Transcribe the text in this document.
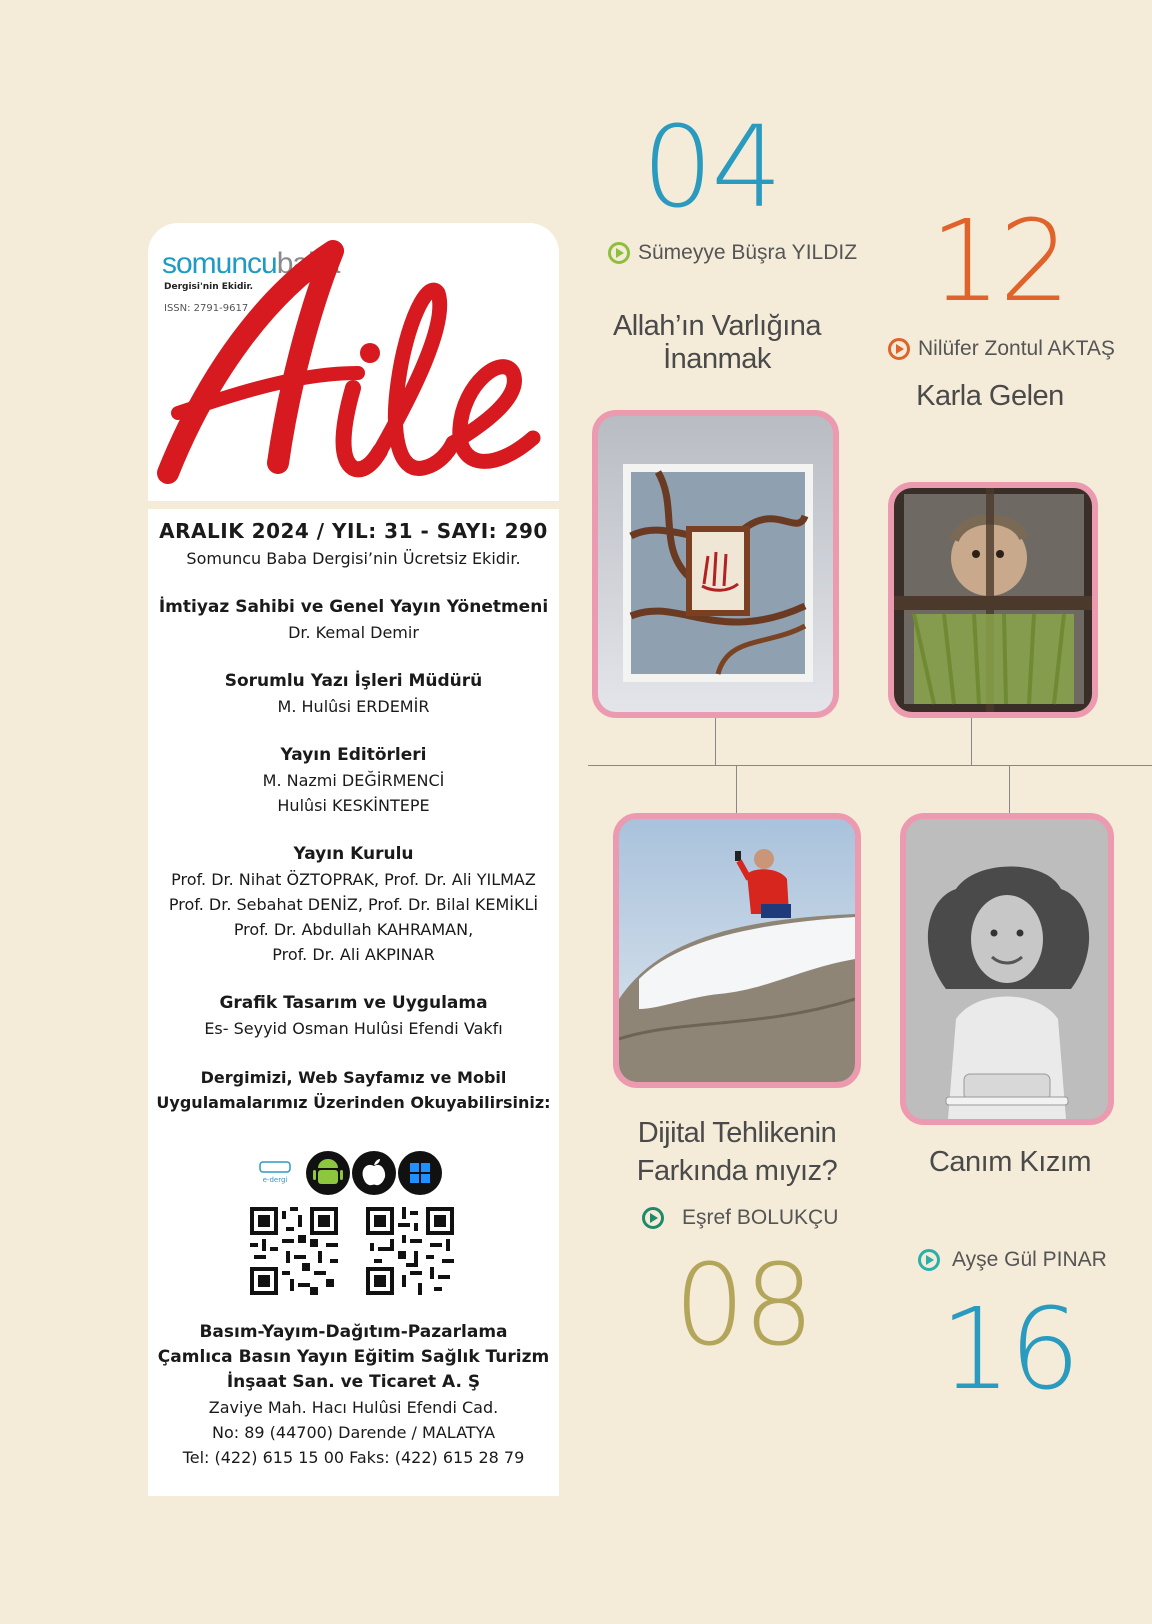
somuncubaba
Dergisi'nin Ekidir.
ISSN: 2791-9617
ARALIK 2024 / YIL: 31 - SAYI: 290
Somuncu Baba Dergisi’nin Ücretsiz Ekidir.
İmtiyaz Sahibi ve Genel Yayın Yönetmeni
Dr. Kemal Demir
Sorumlu Yazı İşleri Müdürü
M. Hulûsi ERDEMİR
Yayın Editörleri
M. Nazmi DEĞİRMENCİ
Hulûsi KESKİNTEPE
Yayın Kurulu
Prof. Dr. Nihat ÖZTOPRAK, Prof. Dr. Ali YILMAZ
Prof. Dr. Sebahat DENİZ, Prof. Dr. Bilal KEMİKLİ
Prof. Dr. Abdullah KAHRAMAN,
Prof. Dr. Ali AKPINAR
Grafik Tasarım ve Uygulama
Es- Seyyid Osman Hulûsi Efendi Vakfı
Dergimizi, Web Sayfamız ve Mobil
Uygulamalarımız Üzerinden Okuyabilirsiniz:
e-dergi
Basım-Yayım-Dağıtım-Pazarlama
Çamlıca Basın Yayın Eğitim Sağlık Turizm
İnşaat San. ve Ticaret A. Ş
Zaviye Mah. Hacı Hulûsi Efendi Cad.
No: 89 (44700) Darende / MALATYA
Tel: (422) 615 15 00 Faks: (422) 615 28 79
04
Sümeyye Büşra YILDIZ
Allah’ın Varlığına İnanmak
12
Nilüfer Zontul AKTAŞ
Karla Gelen
Dijital Tehlikenin
Farkında mıyız?
Eşref BOLUKÇU
08
Canım Kızım
Ayşe Gül PINAR
16
